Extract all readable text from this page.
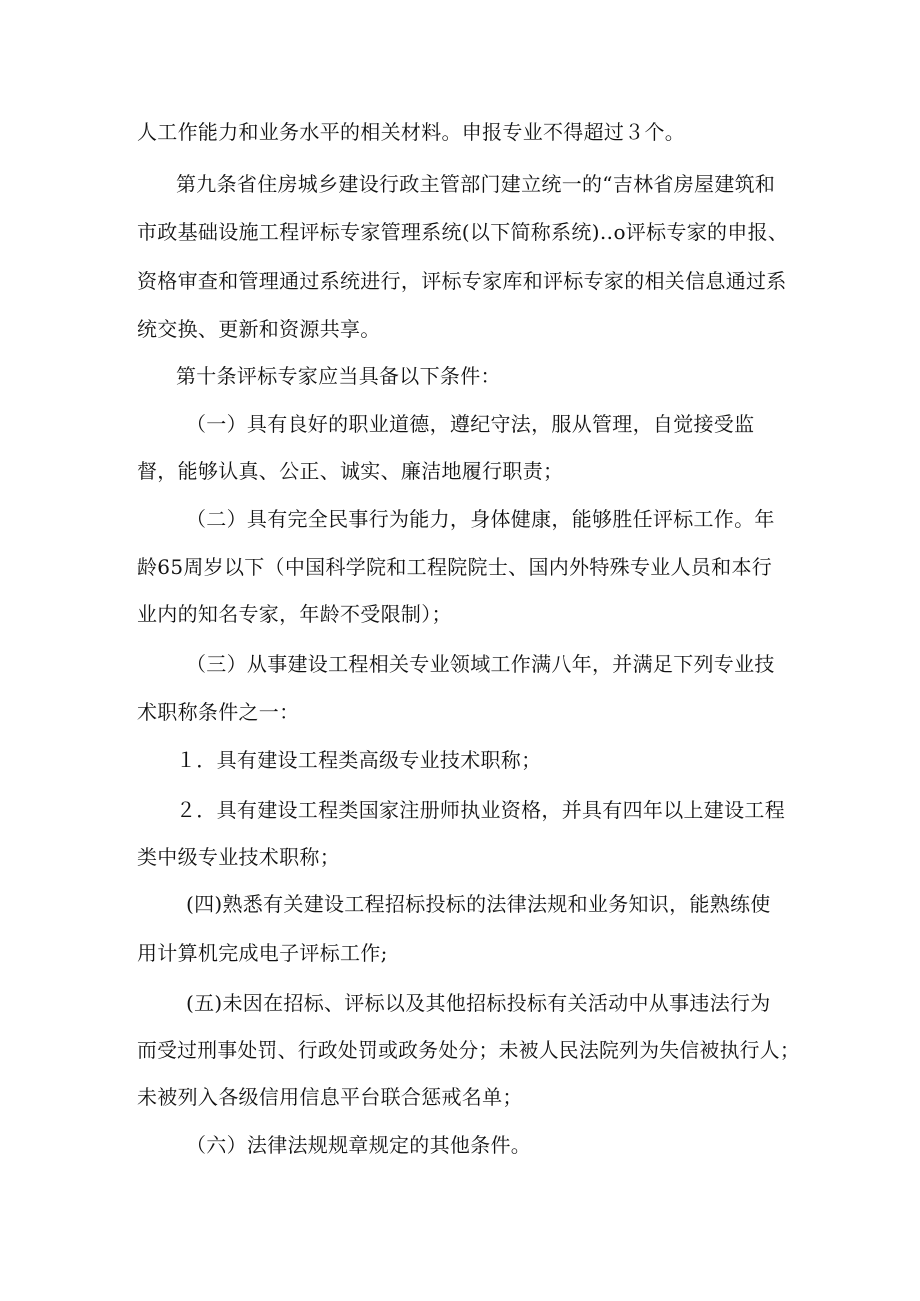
人工作能力和业务水平的相关材料。申报专业不得超过３个。
第九条省住房城乡建设行政主管部门建立统一的“吉林省房屋建筑和
市政基础设施工程评标专家管理系统(以下简称系统)‥o评标专家的申报、
资格审查和管理通过系统进行，评标专家库和评标专家的相关信息通过系
统交换、更新和资源共享。
第十条评标专家应当具备以下条件：
（一）具有良好的职业道德，遵纪守法，服从管理，自觉接受监
督，能够认真、公正、诚实、廉洁地履行职责；
（二）具有完全民事行为能力，身体健康，能够胜任评标工作。年
龄65周岁以下（中国科学院和工程院院士、国内外特殊专业人员和本行
业内的知名专家，年龄不受限制）；
（三）从事建设工程相关专业领域工作满八年，并满足下列专业技
术职称条件之一：
１．具有建设工程类高级专业技术职称；
２．具有建设工程类国家注册师执业资格，并具有四年以上建设工程
类中级专业技术职称；
(四)熟悉有关建设工程招标投标的法律法规和业务知识，能熟练使
用计算机完成电子评标工作;
(五)未因在招标、评标以及其他招标投标有关活动中从事违法行为
而受过刑事处罚、行政处罚或政务处分；未被人民法院列为失信被执行人；
未被列入各级信用信息平台联合惩戒名单；
（六）法律法规规章规定的其他条件。
